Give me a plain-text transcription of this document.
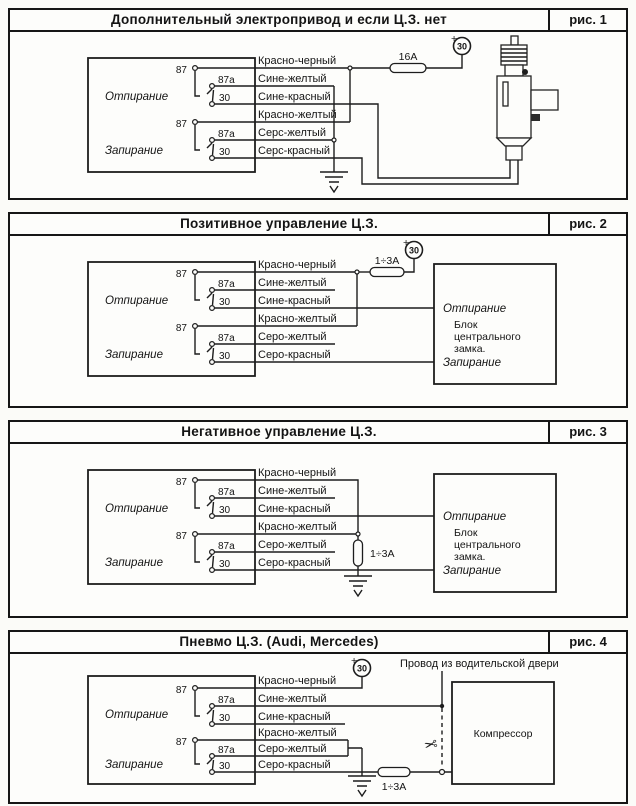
Дополнительный электропривод и если Ц.З. нет	рис. 1
Отпирание
Запирание
87
87a
30
87
87a
30
Красно-черный
Сине-желтый
Сине-красный
Красно-желтый
Серс-желтый
Серс-красный
16А
+
30
Позитивное управление Ц.З.	рис. 2
Отпирание
Запирание
87
87a
30
87
87a
30
Красно-черный
Сине-желтый
Сине-красный
Красно-желтый
Серо-желтый
Серо-красный
1÷3А
+
30
Отпирание
Блок
центрального
замка.
Запирание
Негативное управление Ц.З.	рис. 3
Отпирание
Запирание
87
87a
30
87
87a
30
Красно-черный
Сине-желтый
Сине-красный
Красно-желтый
Серо-желтый
Серо-красный
1÷3А
Отпирание
Блок
центрального
замка.
Запирание
Пневмо Ц.З. (Audi, Mercedes)	рис. 4
Отпирание
Запирание
87
87a
30
87
87a
30
Красно-черный
Сине-желтый
Сине-красный
Красно-желтый
Серо-желтый
Серо-красный
+
30	Провод из водительской двери
✂
1÷3А
Компрессор
